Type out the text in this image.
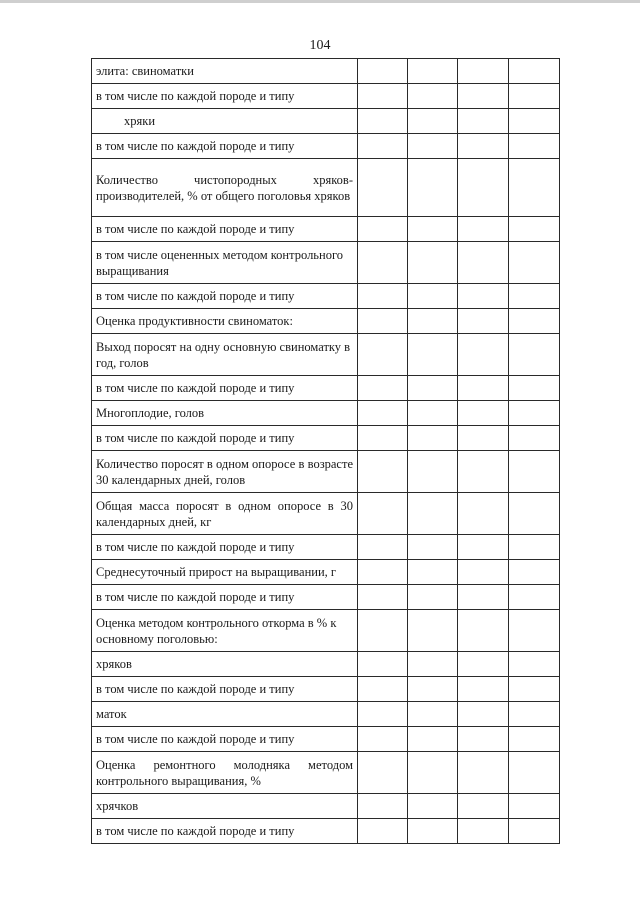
104
элита: свиноматки				
в том числе по каждой породе и типу				
хряки				
в том числе по каждой породе и типу				
Количество чистопородных хряков-производителей, % от общего поголовья хряков				
в том числе по каждой породе и типу				
в том числе оцененных методом контрольного выращивания				
в том числе по каждой породе и типу				
Оценка продуктивности свиноматок:				
Выход поросят на одну основную свиноматку в год, голов				
в том числе по каждой породе и типу				
Многоплодие, голов				
в том числе по каждой породе и типу				
Количество поросят в одном опоросе в возрасте 30 календарных дней, голов				
Общая масса поросят в одном опоросе в 30 календарных дней, кг				
в том числе по каждой породе и типу				
Среднесуточный прирост на выращивании, г				
в том числе по каждой породе и типу				
Оценка методом контрольного откорма в % к основному поголовью:				
хряков				
в том числе по каждой породе и типу				
маток				
в том числе по каждой породе и типу				
Оценка ремонтного молодняка методом контрольного выращивания, %				
хрячков				
в том числе по каждой породе и типу				
